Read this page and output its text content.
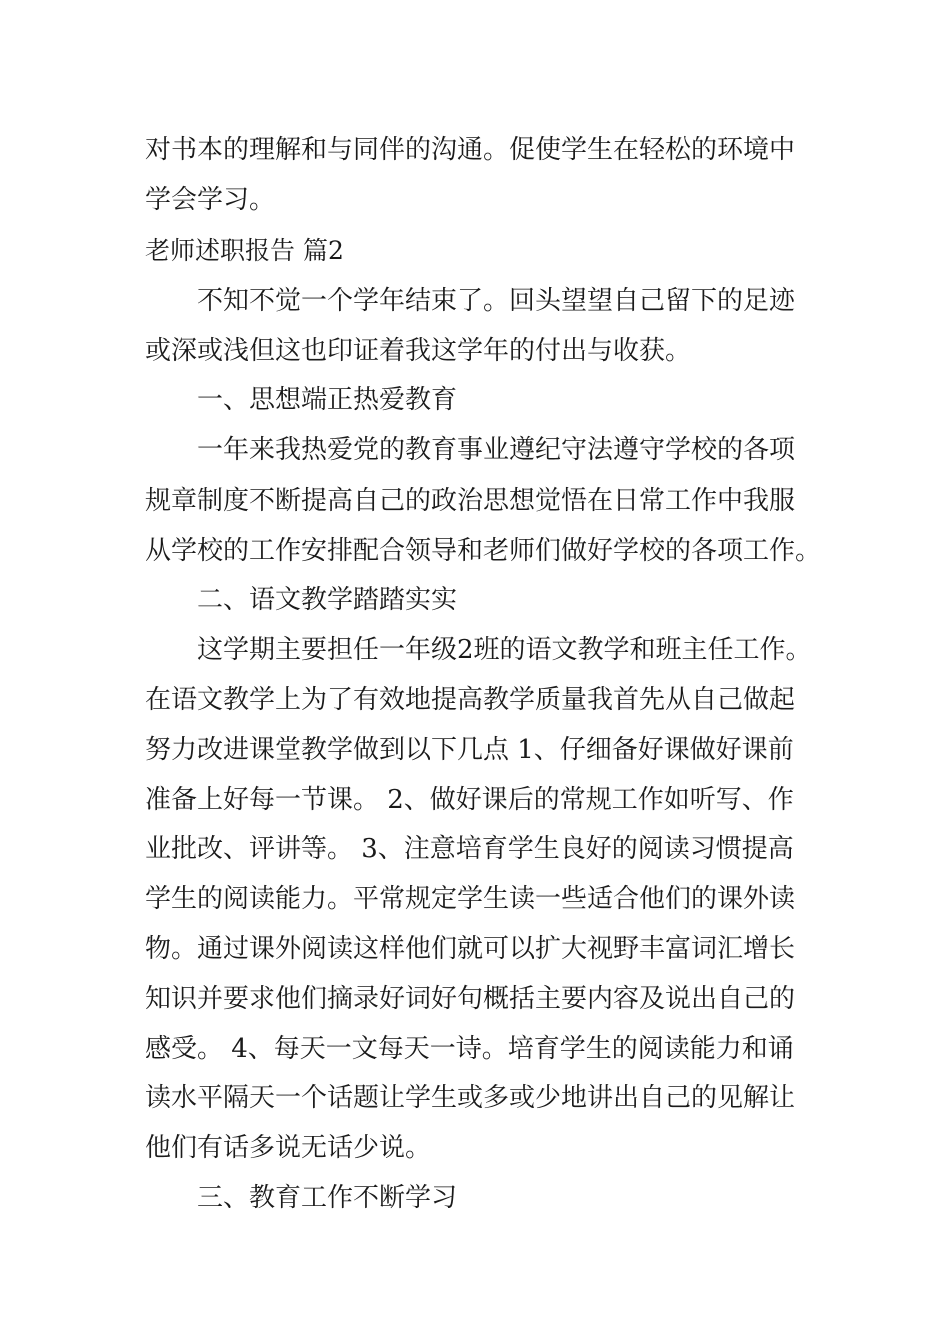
对书本的理解和与同伴的沟通。促使学生在轻松的环境中
学会学习。
老师述职报告 篇2
不知不觉一个学年结束了。回头望望自己留下的足迹
或深或浅但这也印证着我这学年的付出与收获。
一、思想端正热爱教育
一年来我热爱党的教育事业遵纪守法遵守学校的各项
规章制度不断提高自己的政治思想觉悟在日常工作中我服
从学校的工作安排配合领导和老师们做好学校的各项工作。
二、语文教学踏踏实实
这学期主要担任一年级2班的语文教学和班主任工作。
在语文教学上为了有效地提高教学质量我首先从自己做起
努力改进课堂教学做到以下几点 1、仔细备好课做好课前
准备上好每一节课。 2、做好课后的常规工作如听写、作
业批改、评讲等。 3、注意培育学生良好的阅读习惯提高
学生的阅读能力。平常规定学生读一些适合他们的课外读
物。通过课外阅读这样他们就可以扩大视野丰富词汇增长
知识并要求他们摘录好词好句概括主要内容及说出自己的
感受。 4、每天一文每天一诗。培育学生的阅读能力和诵
读水平隔天一个话题让学生或多或少地讲出自己的见解让
他们有话多说无话少说。
三、教育工作不断学习
